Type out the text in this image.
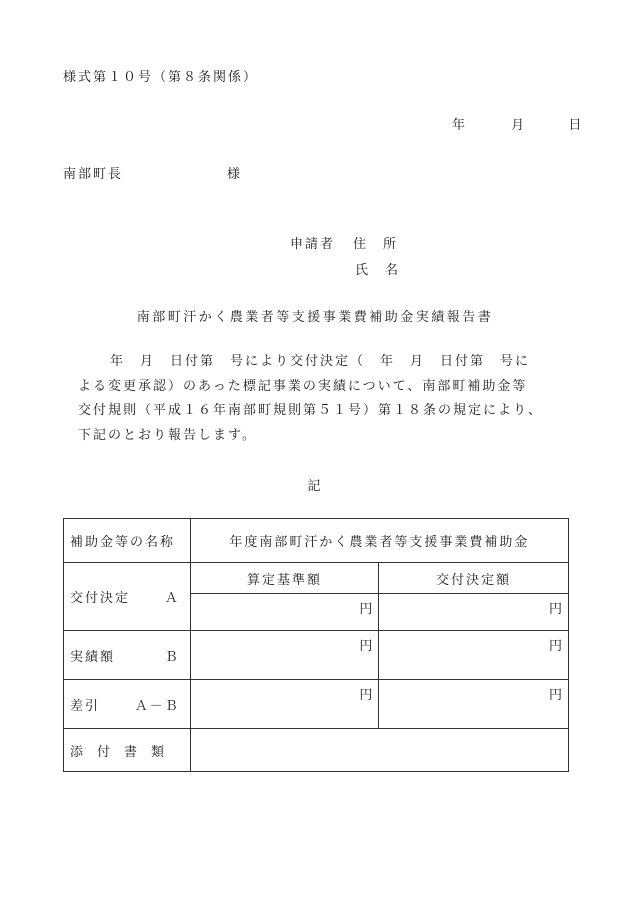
様式第１０号（第８条関係）
年	月	日
南部町長	様
申請者 住　所
氏　名
南部町汗かく農業者等支援事業費補助金実績報告書
　　年　月　日付第　号により交付決定（　年　月　日付第　号に
よる変更承認）のあった標記事業の実績について、南部町補助金等
交付規則（平成１６年南部町規則第５１号）第１８条の規定により、
下記のとおり報告します。
記
補助金等の名称	年度南部町汗かく農業者等支援事業費補助金	

交付決定 Ａ	算定基準額	交付決定額
	円	円

実績額 Ｂ	円	円

差引 Ａ－Ｂ	円	円

添付書類		
